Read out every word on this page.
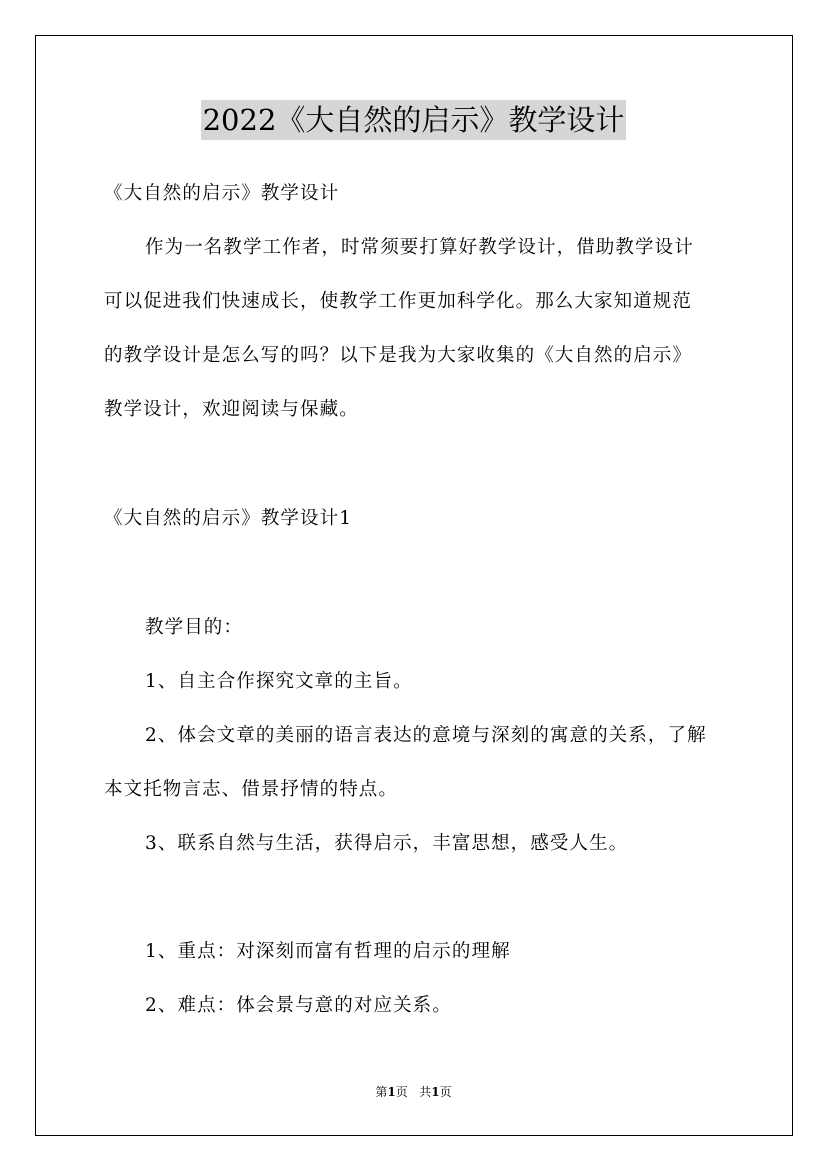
2022《大自然的启示》教学设计
《大自然的启示》教学设计
作为一名教学工作者，时常须要打算好教学设计，借助教学设计
可以促进我们快速成长，使教学工作更加科学化。那么大家知道规范
的教学设计是怎么写的吗？以下是我为大家收集的《大自然的启示》
教学设计，欢迎阅读与保藏。
《大自然的启示》教学设计1
教学目的：
1、自主合作探究文章的主旨。
2、体会文章的美丽的语言表达的意境与深刻的寓意的关系，了解
本文托物言志、借景抒情的特点。
3、联系自然与生活，获得启示，丰富思想，感受人生。
1、重点：对深刻而富有哲理的启示的理解
2、难点：体会景与意的对应关系。
第1页 共1页
